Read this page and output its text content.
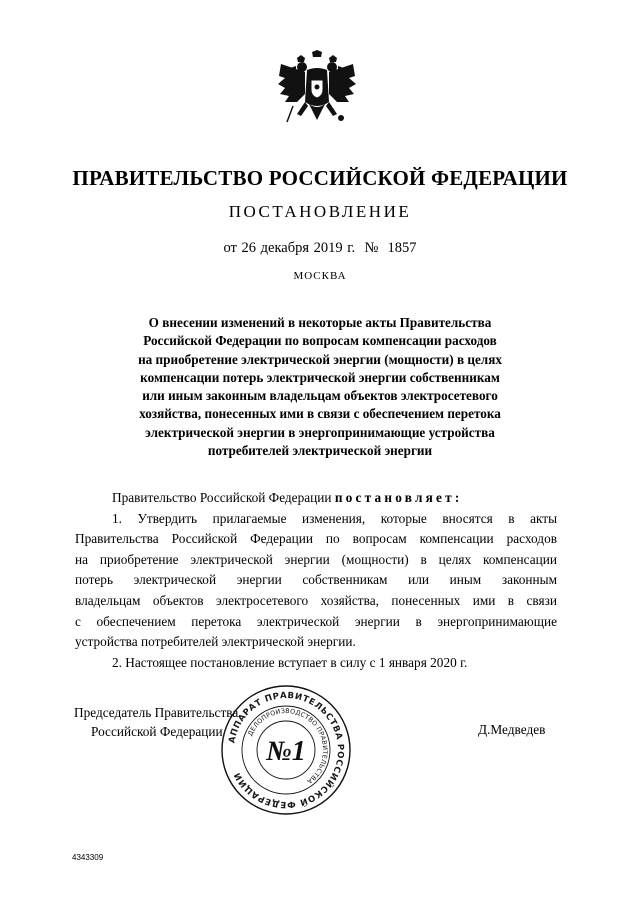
ПРАВИТЕЛЬСТВО РОССИЙСКОЙ ФЕДЕРАЦИИ
ПОСТАНОВЛЕНИЕ
от 26 декабря 2019 г. № 1857
МОСКВА
О внесении изменений в некоторые акты Правительства
Российской Федерации по вопросам компенсации расходов
на приобретение электрической энергии (мощности) в целях
компенсации потерь электрической энергии собственникам
или иным законным владельцам объектов электросетевого
хозяйства, понесенных ими в связи с обеспечением перетока
электрической энергии в энергопринимающие устройства
потребителей электрической энергии
Правительство Российской Федерации постановляет:
1. Утвердить прилагаемые изменения, которые вносятся в акты
Правительства Российской Федерации по вопросам компенсации расходов
на приобретение электрической энергии (мощности) в целях компенсации
потерь электрической энергии собственникам или иным законным
владельцам объектов электросетевого хозяйства, понесенных ими в связи
с обеспечением перетока электрической энергии в энергопринимающие
устройства потребителей электрической энергии.
2. Настоящее постановление вступает в силу с 1 января 2020 г.
Председатель Правительства
Российской Федерации
АППАРАТ ПРАВИТЕЛЬСТВА РОССИЙСКОЙ ФЕДЕРАЦИИ
ДЕЛОПРОИЗВОДСТВО ПРАВИТЕЛЬСТВА
№1
Д.Медведев
4343309
